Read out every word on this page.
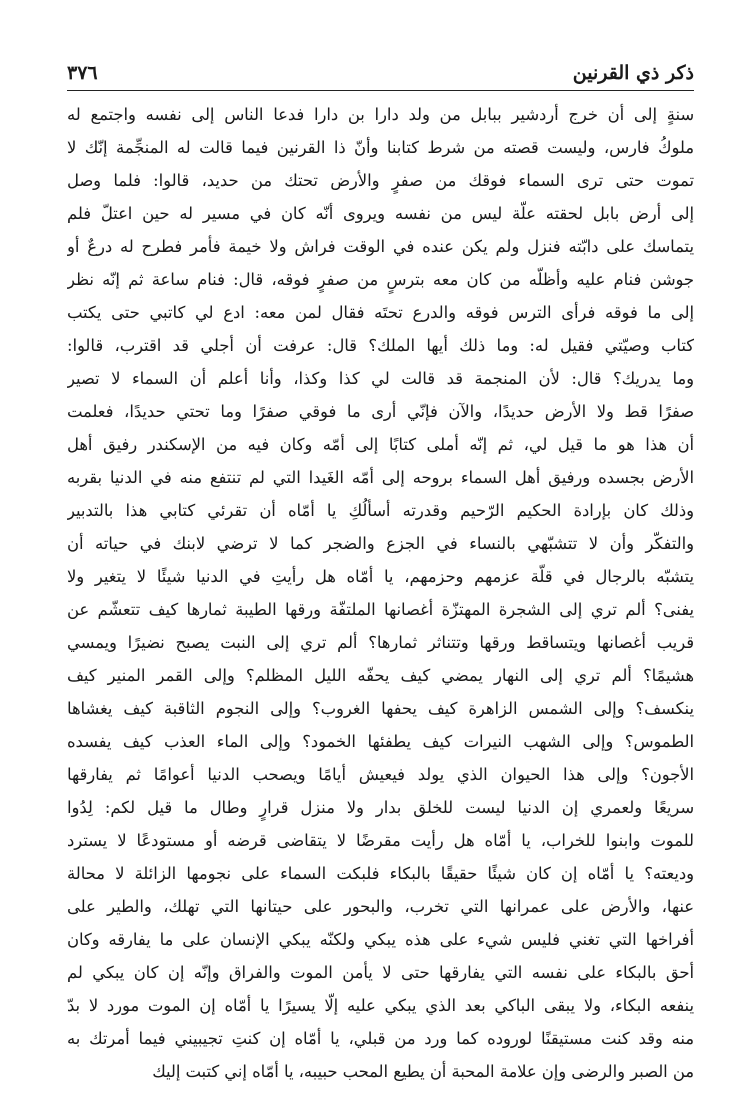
ذكر ذي القرنين
٣٧٦
سنةٍ إلى أن خرج أردشير ببابل من ولد دارا بن دارا فدعا الناس إلى نفسه واجتمع له
ملوكُ فارس، وليست قصته من شرط كتابنا وأنّ ذا القرنين فيما قالت له المنجِّمة إنّك لا
تموت حتى ترى السماء فوقك من صفرٍ والأرض تحتك من حديد، قالوا: فلما وصل
إلى أرض بابل لحقته علّة ليس من نفسه ويروى أنّه كان في مسير له حين اعتلّ فلم
يتماسك على دابّته فنزل ولم يكن عنده في الوقت فراش ولا خيمة فأمر فطرح له درعٌ أو
جوشن فنام عليه وأظلّه من كان معه بترسٍ من صفرٍ فوقه، قال: فنام ساعة ثم إنّه نظر
إلى ما فوقه فرأى الترس فوقه والدرع تحتَه فقال لمن معه: ادع لي كاتبي حتى يكتب
كتاب وصيّتي فقيل له: وما ذلك أيها الملك؟ قال: عرفت أن أجلي قد اقترب، قالوا:
وما يدريك؟ قال: لأن المنجمة قد قالت لي كذا وكذا، وأنا أعلم أن السماء لا تصير
صفرًا قط ولا الأرض حديدًا، والآن فإنّي أرى ما فوقي صفرًا وما تحتي حديدًا، فعلمت
أن هذا هو ما قيل لي، ثم إنّه أملى كتابًا إلى أمّه وكان فيه من الإسكندر رفيق أهل
الأرض بجسده ورفيق أهل السماء بروحه إلى أمّه الغَيدا التي لم تنتفع منه في الدنيا بقربه
وذلك كان بإرادة الحكيم الرّحيم وقدرته أسألُكِ يا أمّاه أن تقرئي كتابي هذا بالتدبير
والتفكّر وأن لا تتشبّهي بالنساء في الجزع والضجر كما لا ترضي لابنك في حياته أن
يتشبّه بالرجال في قلّة عزمهم وحزمهم، يا أمّاه هل رأيتِ في الدنيا شيئًا لا يتغير ولا
يفنى؟ ألم تري إلى الشجرة المهتزّة أغصانها الملتفّة ورقها الطيبة ثمارها كيف تتعشّم عن
قريب أغصانها ويتساقط ورقها وتتناثر ثمارها؟ ألم تري إلى النبت يصبح نضيرًا ويمسي
هشيمًا؟ ألم تري إلى النهار يمضي كيف يحفّه الليل المظلم؟ وإلى القمر المنير كيف
ينكسف؟ وإلى الشمس الزاهرة كيف يحفها الغروب؟ وإلى النجوم الثاقبة كيف يغشاها
الطموس؟ وإلى الشهب النيرات كيف يطفئها الخمود؟ وإلى الماء العذب كيف يفسده
الأجون؟ وإلى هذا الحيوان الذي يولد فيعيش أيامًا ويصحب الدنيا أعوامًا ثم يفارقها
سريعًا ولعمري إن الدنيا ليست للخلق بدار ولا منزل قرارٍ وطال ما قيل لكم: لِدُوا
للموت وابنوا للخراب، يا أمّاه هل رأيت مقرضًا لا يتقاضى قرضه أو مستودعًا لا يسترد
وديعته؟ يا أمّاه إن كان شيئًا حقيقًا بالبكاء فلبكت السماء على نجومها الزائلة لا محالة
عنها، والأرض على عمرانها التي تخرب، والبحور على حيتانها التي تهلك، والطير على
أفراخها التي تغني فليس شيء على هذه يبكي ولكنّه يبكي الإنسان على ما يفارقه وكان
أحق بالبكاء على نفسه التي يفارقها حتى لا يأمن الموت والفراق وإنّه إن كان يبكي لم
ينفعه البكاء، ولا يبقى الباكي بعد الذي يبكي عليه إلّا يسيرًا يا أمّاه إن الموت مورد لا بدّ
منه وقد كنت مستيقنًا لوروده كما ورد من قبلي، يا أمّاه إن كنتِ تجيبيني فيما أمرتك به
من الصبر والرضى وإن علامة المحبة أن يطيع المحب حبيبه، يا أمّاه إني كتبت إليك
